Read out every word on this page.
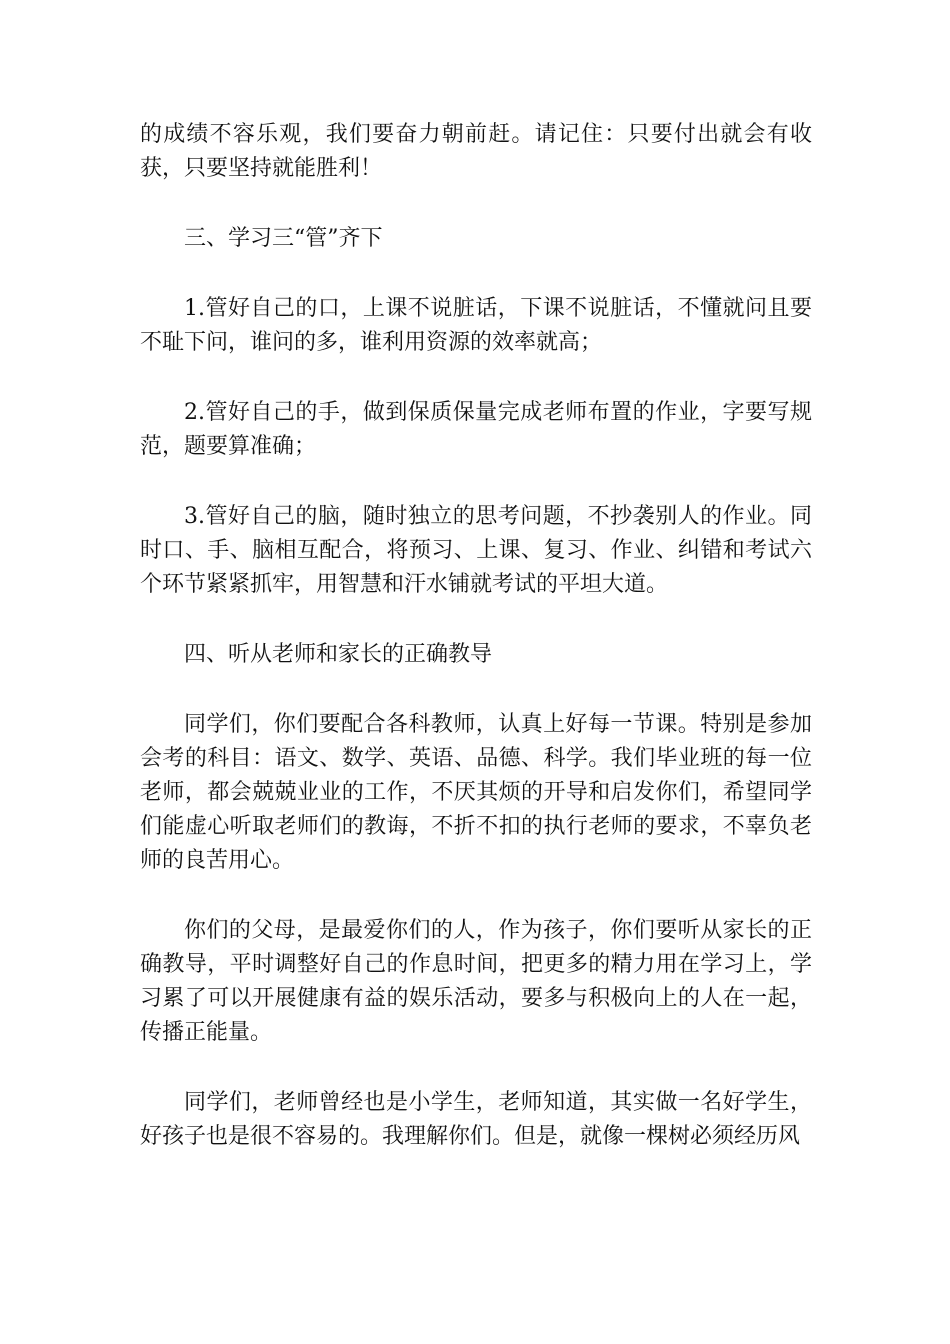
的成绩不容乐观，我们要奋力朝前赶。请记住：只要付出就会有收获，只要坚持就能胜利！

三、学习三“管”齐下

1.管好自己的口，上课不说脏话，下课不说脏话，不懂就问且要不耻下问，谁问的多，谁利用资源的效率就高；

2.管好自己的手，做到保质保量完成老师布置的作业，字要写规范，题要算准确；

3.管好自己的脑，随时独立的思考问题，不抄袭别人的作业。同时口、手、脑相互配合，将预习、上课、复习、作业、纠错和考试六个环节紧紧抓牢，用智慧和汗水铺就考试的平坦大道。

四、听从老师和家长的正确教导

同学们，你们要配合各科教师，认真上好每一节课。特别是参加会考的科目：语文、数学、英语、品德、科学。我们毕业班的每一位老师，都会兢兢业业的工作，不厌其烦的开导和启发你们，希望同学们能虚心听取老师们的教诲，不折不扣的执行老师的要求，不辜负老师的良苦用心。

你们的父母，是最爱你们的人，作为孩子，你们要听从家长的正确教导，平时调整好自己的作息时间，把更多的精力用在学习上，学习累了可以开展健康有益的娱乐活动，要多与积极向上的人在一起，传播正能量。

同学们，老师曾经也是小学生，老师知道，其实做一名好学生，好孩子也是很不容易的。我理解你们。但是，就像一棵树必须经历风
